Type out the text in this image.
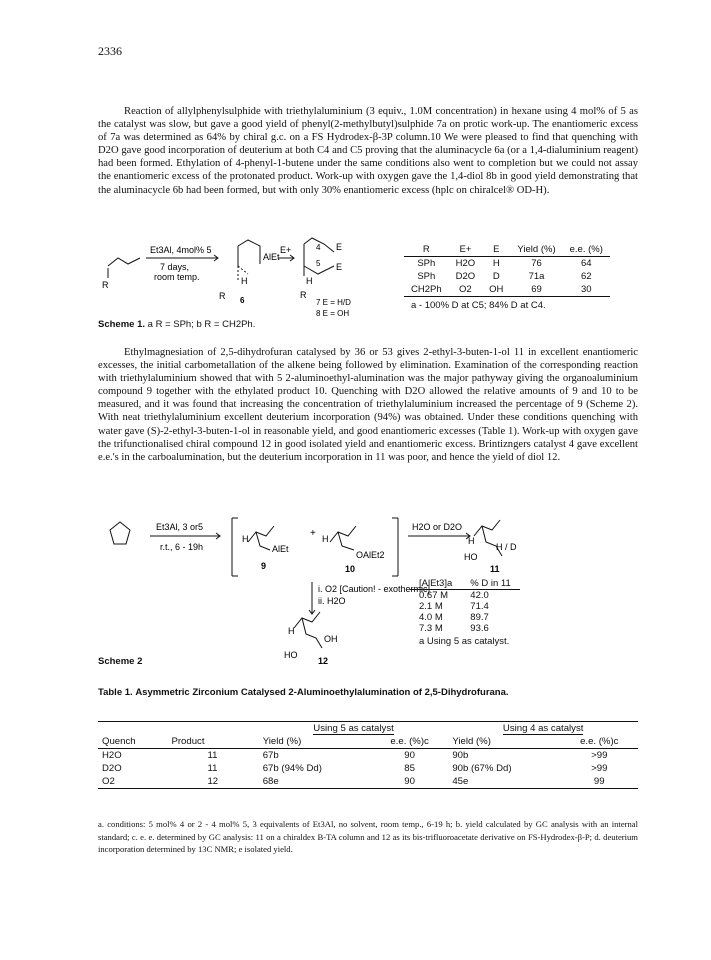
2336

Reaction of allylphenylsulphide with triethylaluminium (3 equiv., 1.0M concentration) in hexane using 4 mol% of 5 as the catalyst was slow, but gave a good yield of phenyl(2-methylbutyl)sulphide 7a on protic work-up. The enantiomeric excess of 7a was determined as 64% by chiral g.c. on a FS Hydrodex-β-3P column.10 We were pleased to find that quenching with D2O gave good incorporation of deuterium at both C4 and C5 proving that the aluminacycle 6a (or a 1,4-dialuminium reagent) had been formed. Ethylation of 4-phenyl-1-butene under the same conditions also went to completion but we could not assay the enantiomeric excess of the protonated product. Work-up with oxygen gave the 1,4-diol 8b in good yield demonstrating that the aluminacycle 6b had been formed, but with only 30% enantiomeric excess (hplc on chiralcel® OD-H).

Et3Al, 4mol% 5
7 days,
room temp.
R
AlEt
H
R 6
E+	4 E
5 E
H
R
7 E = H/D
8 E = OH
Scheme 1. a R = SPh; b R = CH2Ph.
R	E+	E	Yield (%)	e.e. (%)
SPh	H2O	H	76	64
SPh	D2O	D	71a	62
CH2Ph	O2	OH	69	30
a - 100% D at C5; 84% D at C4.				

Ethylmagnesiation of 2,5-dihydrofuran catalysed by 36 or 53 gives 2-ethyl-3-buten-1-ol 11 in excellent enantiomeric excesses, the initial carbometallation of the alkene being followed by elimination. Examination of the corresponding reaction with triethylaluminium showed that with 5 2-aluminoethyl-alumination was the major pathyway giving the organoaluminium compound 9 together with the ethylated product 10. Quenching with D2O allowed the relative amounts of 9 and 10 to be measured, and it was found that increasing the concentration of triethylaluminium increased the percentage of 9 (Scheme 2). With neat triethylaluminium excellent deuterium incorporation (94%) was obtained. Under these conditions quenching with water gave (S)-2-ethyl-3-buten-1-ol in reasonable yield, and good enantiomeric excesses (Table 1). Work-up with oxygen gave the trifunctionalised chiral compound 12 in good isolated yield and enantiomeric excess. Brintizngers catalyst 4 gave excellent e.e.'s in the carboalumination, but the deuterium incorporation in 11 was poor, and hence the yield of diol 12.

Et3Al, 3 or5
r.t., 6 - 19h
H
AlEt
9
+ H
OAlEt2
10
H2O or D2O
H
HO
H / D
11
i. O2 [Caution! - exothermic]
ii. H2O
H
OH
HO
12
Scheme 2
[AlEt3]a	% D in 11
0.67 M	42.0
2.1 M	71.4
4.0 M	89.7
7.3 M	93.6
a Using 5 as catalyst.	
Table 1. Asymmetric Zirconium Catalysed 2-Aluminoethylalumination of 2,5-Dihydrofurana.
		Using 5 as catalyst		Using 4 as catalyst	
Quench	Product	Yield (%)	e.e. (%)c	Yield (%)	e.e. (%)c
H2O	11	67b	90	90b	>99
D2O	11	67b (94% Dd)	85	90b (67% Dd)	>99
O2	12	68e	90	45e	99
a. conditions: 5 mol% 4 or 2 - 4 mol% 5, 3 equivalents of Et3Al, no solvent, room temp., 6-19 h; b. yield calculated by GC analysis with an internal standard; c. e. e. determined by GC analysis: 11 on a chiraldex B-TA column and 12 as its bis-trifluoroacetate derivative on FS-Hydrodex-β-P; d. deuterium incorporation determined by 13C NMR; e isolated yield.
